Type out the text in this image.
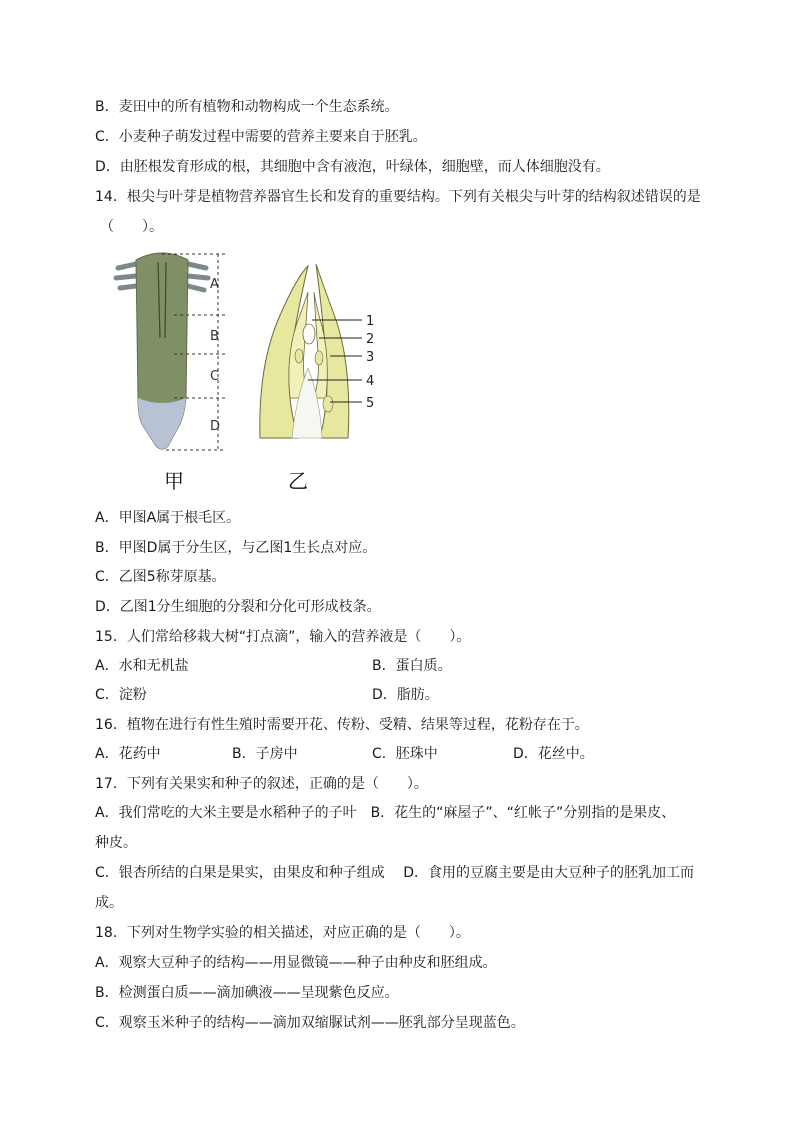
B．麦田中的所有植物和动物构成一个生态系统。
C．小麦种子萌发过程中需要的营养主要来自于胚乳。
D．由胚根发育形成的根，其细胞中含有液泡，叶绿体，细胞壁，而人体细胞没有。
14．根尖与叶芽是植物营养器官生长和发育的重要结构。下列有关根尖与叶芽的结构叙述错误的是
（　　）。
A
B
C
D
1
2
3
4
5
甲	乙
A．甲图A属于根毛区。
B．甲图D属于分生区，与乙图1生长点对应。
C．乙图5称芽原基。
D．乙图1分生细胞的分裂和分化可形成枝条。
15．人们常给移栽大树“打点滴”，输入的营养液是（　　）。
A．水和无机盐	B．蛋白质。
C．淀粉	D．脂肪。
16．植物在进行有性生殖时需要开花、传粉、受精、结果等过程，花粉存在于。
A．花药中	B．子房中	C．胚珠中	D．花丝中。
17．下列有关果实和种子的叙述，正确的是（　　）。
A．我们常吃的大米主要是水稻种子的子叶　B．花生的“麻屋子”、“红帐子”分别指的是果皮、
种皮。
C．银杏所结的白果是果实，由果皮和种子组成　 D．食用的豆腐主要是由大豆种子的胚乳加工而
成。
18．下列对生物学实验的相关描述，对应正确的是（　　）。
A．观察大豆种子的结构——用显微镜——种子由种皮和胚组成。
B．检测蛋白质——滴加碘液——呈现紫色反应。
C．观察玉米种子的结构——滴加双缩脲试剂——胚乳部分呈现蓝色。
